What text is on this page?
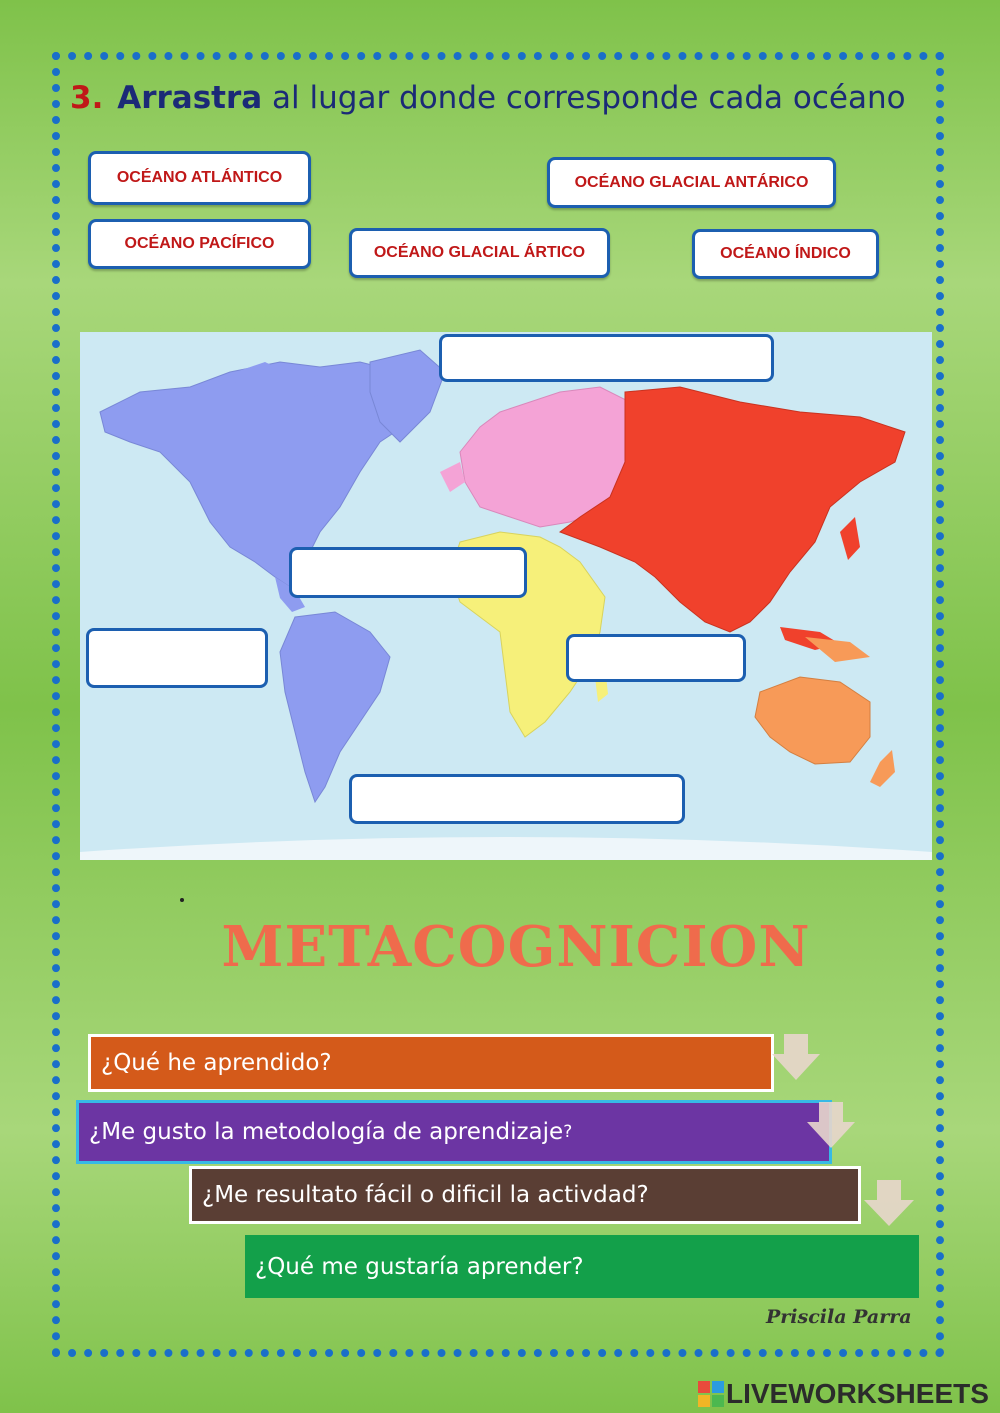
3. Arrastra al lugar donde corresponde cada océano
OCÉANO ATLÁNTICO	OCÉANO GLACIAL ANTÁRICO
OCÉANO PACÍFICO
OCÉANO GLACIAL ÁRTICO	OCÉANO ÍNDICO
METACOGNICION
¿Qué he aprendido?
¿Me gusto la metodología de aprendizaje ?
¿Me resultato fácil o dificil la activdad?
¿Qué me gustaría aprender?
Priscila Parra
LIVEWORKSHEETS
